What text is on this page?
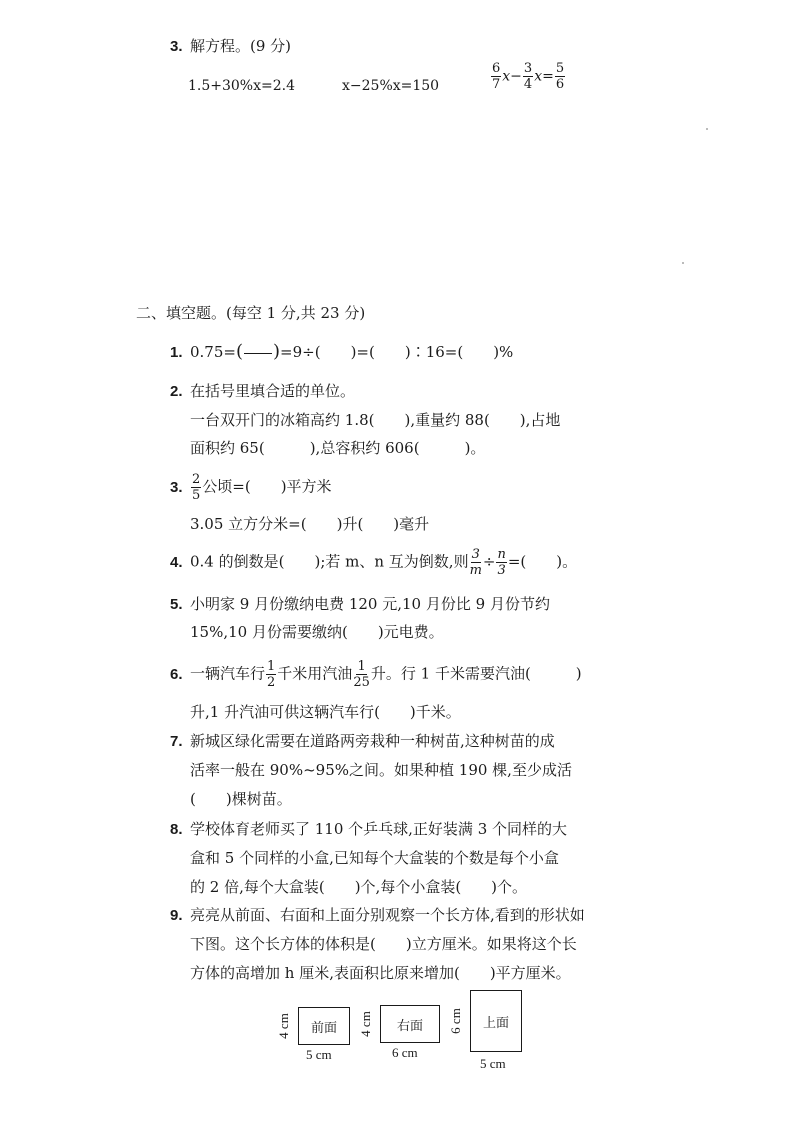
3. 解方程。(9 分)
1.5+30%x=2.4	x−25%x=150	$\frac{6}{7} x- \frac{3}{4} x= \frac{5}{6}$
二、填空题。(每空 1 分,共 23 分)
1. 0.75=( )=9÷(　　)=(　　)∶16=(　　)%
2. 在括号里填合适的单位。
一台双开门的冰箱高约 1.8(　　),重量约 88(　　),占地
面积约 65(　　　),总容积约 606(　　　)。
3. $\frac{2}{5}$ 公顷=(　　)平方米
3.05 立方分米=(　　)升(　　)毫升
4. 0.4 的倒数是(　　);若 m、n 互为倒数,则 $\frac{3}{m} \div \frac{n}{3}$ =(　　)。
5. 小明家 9 月份缴纳电费 120 元,10 月份比 9 月份节约
15%,10 月份需要缴纳(　　)元电费。
6. 一辆汽车行 $\frac{1}{2}$ 千米用汽油 $\frac{1}{25}$ 升。行 1 千米需要汽油(　　　)
升,1 升汽油可供这辆汽车行(　　)千米。
7. 新城区绿化需要在道路两旁栽种一种树苗,这种树苗的成
活率一般在 90%~95%之间。如果种植 190 棵,至少成活
(　　)棵树苗。
8. 学校体育老师买了 110 个乒乓球,正好装满 3 个同样的大
盒和 5 个同样的小盒,已知每个大盒装的个数是每个小盒
的 2 倍,每个大盒装(　　)个,每个小盒装(　　)个。
9. 亮亮从前面、右面和上面分别观察一个长方体,看到的形状如
下图。这个长方体的体积是(　　)立方厘米。如果将这个长
方体的高增加 h 厘米,表面积比原来增加(　　)平方厘米。
前面
4 cm
5 cm
右面
4 cm
6 cm
上面
6 cm
5 cm
